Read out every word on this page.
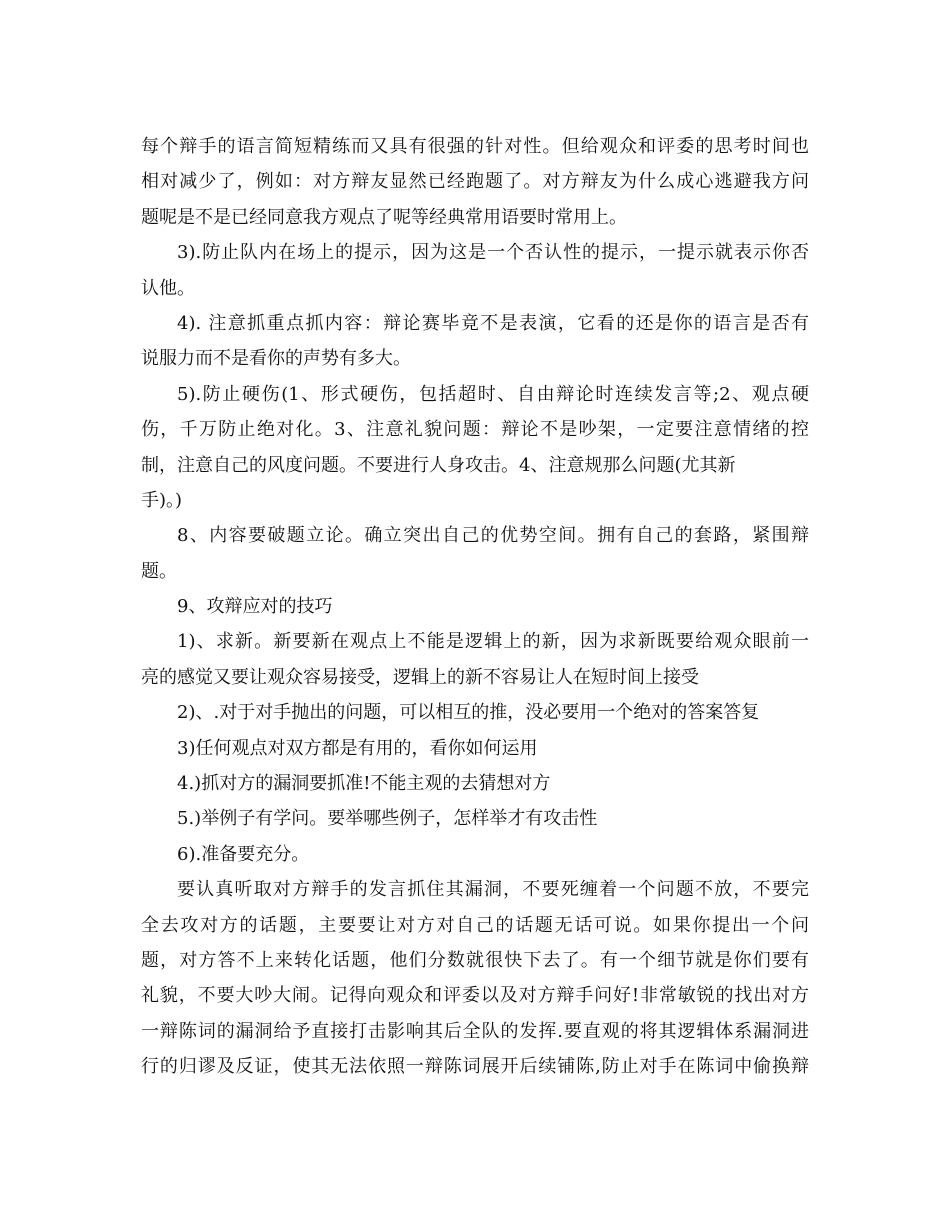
每个辩手的语言简短精练而又具有很强的针对性。但给观众和评委的思考时间也
相对减少了，例如：对方辩友显然已经跑题了。对方辩友为什么成心逃避我方问
题呢是不是已经同意我方观点了呢等经典常用语要时常用上。
3).防止队内在场上的提示，因为这是一个否认性的提示，一提示就表示你否
认他。
4). 注意抓重点抓内容：辩论赛毕竟不是表演，它看的还是你的语言是否有
说服力而不是看你的声势有多大。
5).防止硬伤(1、形式硬伤，包括超时、自由辩论时连续发言等;2、观点硬
伤，千万防止绝对化。3、注意礼貌问题：辩论不是吵架，一定要注意情绪的控
制，注意自己的风度问题。不要进行人身攻击。4、注意规那么问题(尤其新
手)。)
8、内容要破题立论。确立突出自己的优势空间。拥有自己的套路，紧围辩
题。
9、攻辩应对的技巧
1)、求新。新要新在观点上不能是逻辑上的新，因为求新既要给观众眼前一
亮的感觉又要让观众容易接受，逻辑上的新不容易让人在短时间上接受
2)、.对于对手抛出的问题，可以相互的推，没必要用一个绝对的答案答复
3)任何观点对双方都是有用的，看你如何运用
4.)抓对方的漏洞要抓准!不能主观的去猜想对方
5.)举例子有学问。要举哪些例子，怎样举才有攻击性
6).准备要充分。
要认真听取对方辩手的发言抓住其漏洞，不要死缠着一个问题不放，不要完
全去攻对方的话题，主要要让对方对自己的话题无话可说。如果你提出一个问
题，对方答不上来转化话题，他们分数就很快下去了。有一个细节就是你们要有
礼貌，不要大吵大闹。记得向观众和评委以及对方辩手问好!非常敏锐的找出对方
一辩陈词的漏洞给予直接打击影响其后全队的发挥.要直观的将其逻辑体系漏洞进
行的归谬及反证，使其无法依照一辩陈词展开后续铺陈,防止对手在陈词中偷换辩
